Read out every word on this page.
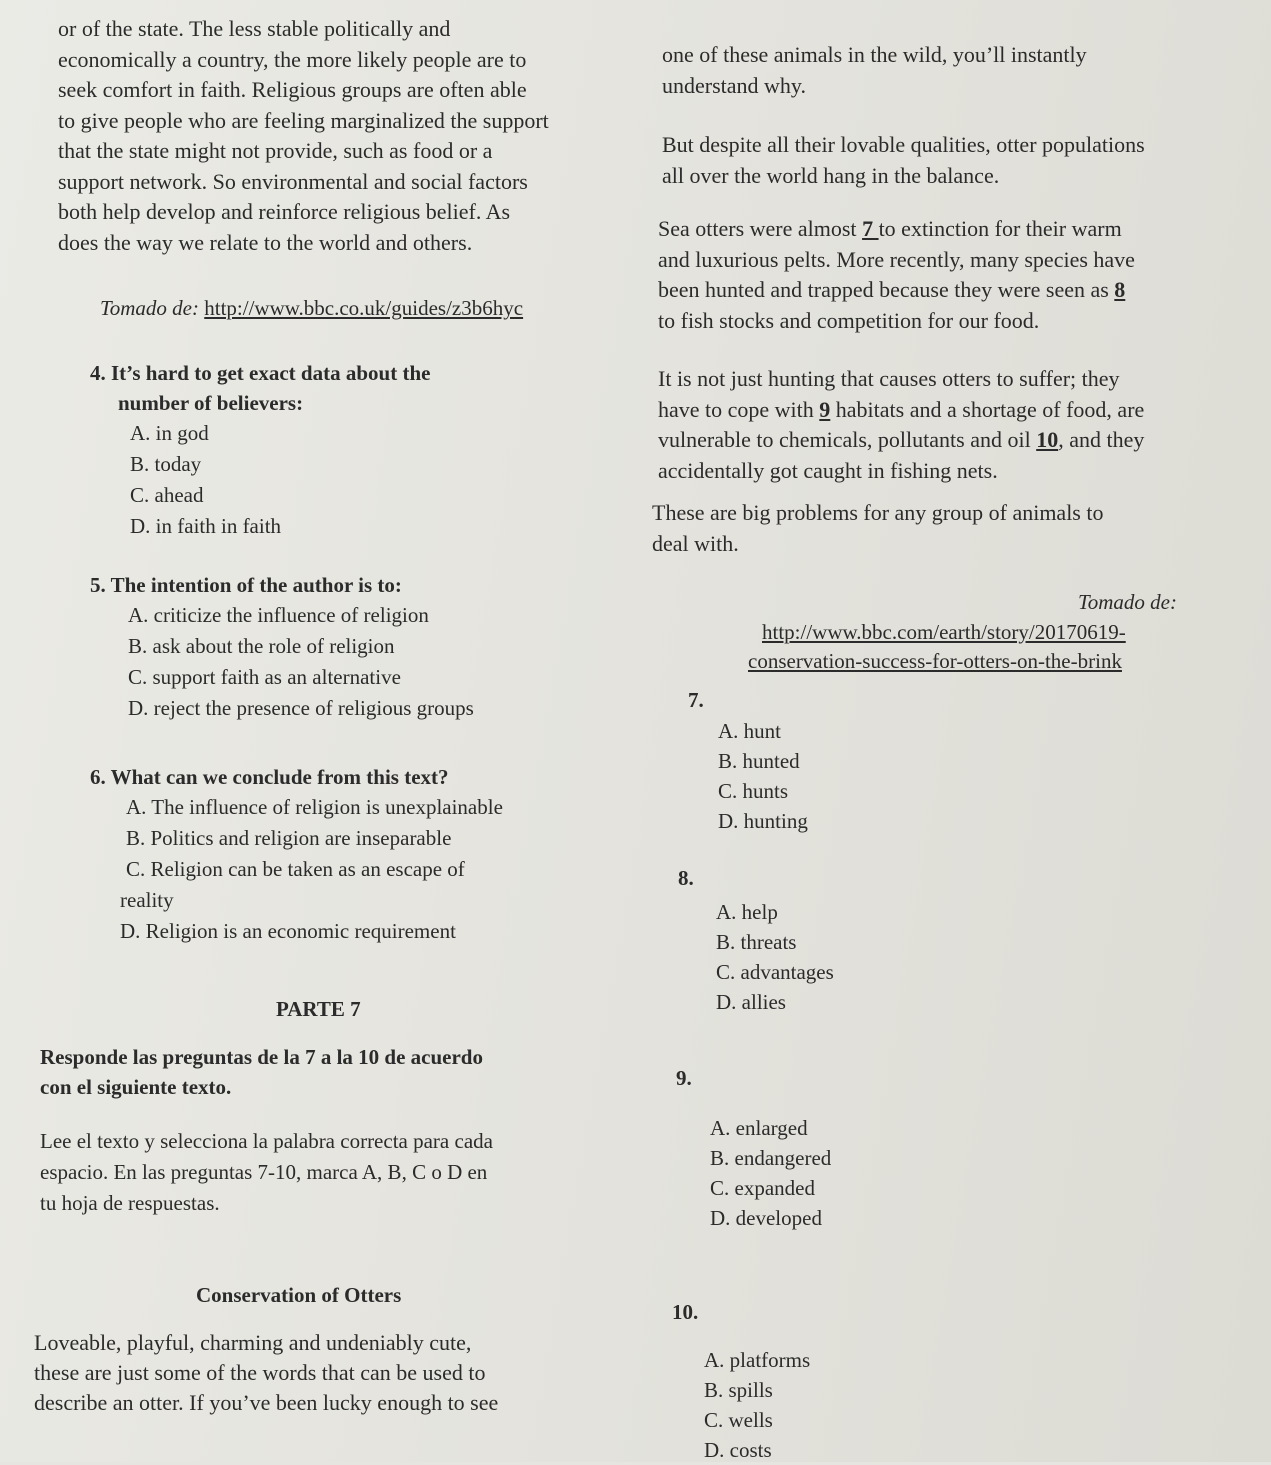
or of the state. The less stable politically and

economically a country, the more likely people are to

seek comfort in faith. Religious groups are often able

to give people who are feeling marginalized the support

that the state might not provide, such as food or a

support network. So environmental and social factors

both help develop and reinforce religious belief. As

does the way we relate to the world and others.

Tomado de: http://www.bbc.co.uk/guides/z3b6hyc

4. It’s hard to get exact data about the

number of believers:

A. in god

B. today

C. ahead

D. in faith in faith

5. The intention of the author is to:

A. criticize the influence of religion

B. ask about the role of religion

C. support faith as an alternative

D. reject the presence of religious groups

6. What can we conclude from this text?

A. The influence of religion is unexplainable

B. Politics and religion are inseparable

C. Religion can be taken as an escape of

reality

D. Religion is an economic requirement

PARTE 7

Responde las preguntas de la 7 a la 10 de acuerdo

con el siguiente texto.

Lee el texto y selecciona la palabra correcta para cada

espacio. En las preguntas 7-10, marca A, B, C o D en

tu hoja de respuestas.

Conservation of Otters

Loveable, playful, charming and undeniably cute,

these are just some of the words that can be used to

describe an otter. If you’ve been lucky enough to see

one of these animals in the wild, you’ll instantly

understand why.

But despite all their lovable qualities, otter populations

all over the world hang in the balance.

Sea otters were almost 7 to extinction for their warm

and luxurious pelts. More recently, many species have

been hunted and trapped because they were seen as 8

to fish stocks and competition for our food.

It is not just hunting that causes otters to suffer; they

have to cope with 9 habitats and a shortage of food, are

vulnerable to chemicals, pollutants and oil 10, and they

accidentally got caught in fishing nets.

These are big problems for any group of animals to

deal with.

Tomado de:

http://www.bbc.com/earth/story/20170619-

conservation-success-for-otters-on-the-brink

7.

A. hunt

B. hunted

C. hunts

D. hunting

8.

A. help

B. threats

C. advantages

D. allies

9.

A. enlarged

B. endangered

C. expanded

D. developed

10.

A. platforms

B. spills

C. wells

D. costs
